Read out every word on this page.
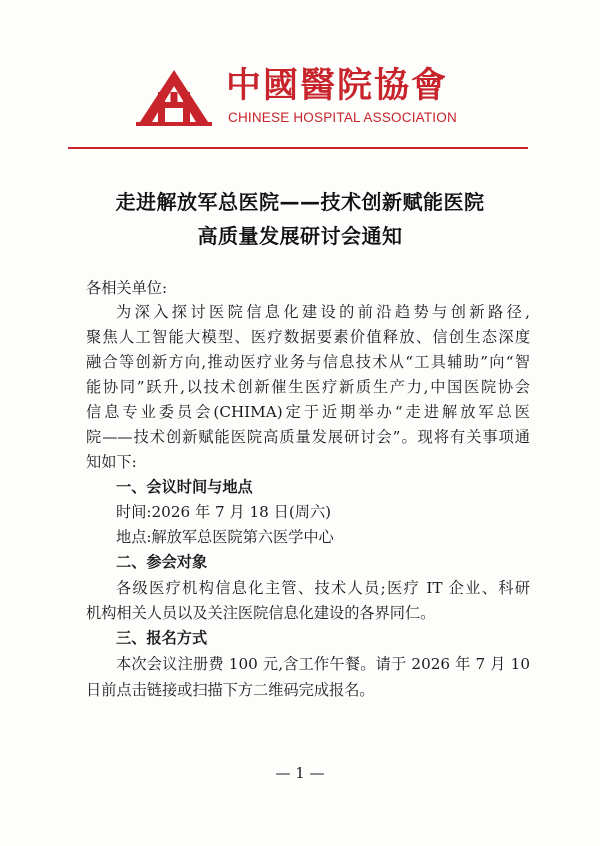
中國醫院協會
CHINESE HOSPITAL ASSOCIATION
走进解放军总医院——技术创新赋能医院
高质量发展研讨会通知
各相关单位:
为深入探讨医院信息化建设的前沿趋势与创新路径,
聚焦人工智能大模型、医疗数据要素价值释放、信创生态深度
融合等创新方向,推动医疗业务与信息技术从“工具辅助”向“智
能协同”跃升,以技术创新催生医疗新质生产力,中国医院协会
信息专业委员会(CHIMA)定于近期举办“走进解放军总医
院——技术创新赋能医院高质量发展研讨会”。现将有关事项通
知如下:
一、会议时间与地点
时间:2026 年 7 月 18 日(周六)
地点:解放军总医院第六医学中心
二、参会对象
各级医疗机构信息化主管、技术人员;医疗 IT 企业、科研
机构相关人员以及关注医院信息化建设的各界同仁。
三、报名方式
本次会议注册费 100 元,含工作午餐。请于 2026 年 7 月 10
日前点击链接或扫描下方二维码完成报名。
— 1 —
